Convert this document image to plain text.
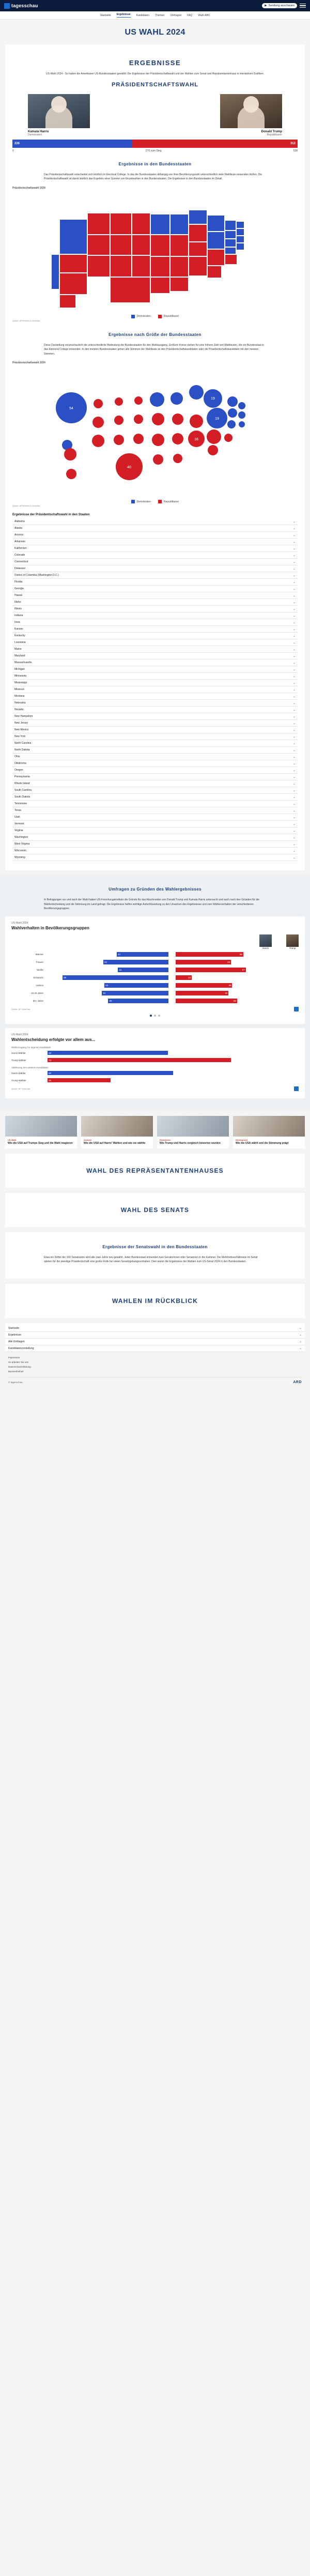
tagesschau	▶ Sendung anschauen
Startseite Ergebnisse Kandidaten Themen Umfragen FAQ Wahl-ABC
US WAHL 2024
ERGEBNISSE

US-Wahl 2024 - So haben die Amerikaner US-Bundesstaaten gewählt: Die Ergebnisse der Präsidentschaftswahl und der Wahlen zum Senat und Repräsentantenhaus in interaktiven Grafiken.

PRÄSIDENTSCHAFTSWAHL
Kamala Harris
Demokraten
Donald Trump
Republikaner
226	312
0	270 zum Sieg	538
Ergebnisse in den Bundesstaaten

Das Präsidentschaftswahl entscheidet sich letztlich im Electoral College. In das die Bundesstaaten abhängig von ihrer Bevölkerungszahl unterschiedlich viele Wahlleute entsenden dürfen. Die Präsidentschaftswahl ist damit letztlich das Ergebnis einer Summe von Einzelwahlen in den Bundesstaaten. Die Ergebnisse in den Bundesstaaten im Detail.

Präsidentschaftswahl 2024
Demokraten	Republikaner
Quelle: AP/Wahlen in Amerika
Ergebnisse nach Größe der Bundesstaaten

Diese Darstellung veranschaulicht die unterschiedliche Bedeutung der Bundesstaaten für den Wahlausgang. Größere Kreise stehen für eine höhere Zahl von Wahlleuten, die ein Bundesstaat in das Electoral College entsendet. In den meisten Bundesstaaten gehen alle Stimmen der Wahlleute an den Präsidentschaftskandidaten oder die Präsidentschaftskandidatin mit den meisten Stimmen.

Präsidentschaftswahl 2024
54
40
19
16
19
Demokraten	Republikaner
Quelle: AP/Wahlen in Amerika
Ergebnisse der Präsidentschaftswahl in den Staaten
Alabama	⌄
Alaska	⌄
Arizona	⌄
Arkansas	⌄
Kalifornien	⌄
Colorado	⌄
Connecticut	⌄
Delaware	⌄
District of Columbia (Washington D.C.)	⌄
Florida	⌄
Georgia	⌄
Hawaii	⌄
Idaho	⌄
Illinois	⌄
Indiana	⌄
Iowa	⌄
Kansas	⌄
Kentucky	⌄
Louisiana	⌄
Maine	⌄
Maryland	⌄
Massachusetts	⌄
Michigan	⌄
Minnesota	⌄
Mississippi	⌄
Missouri	⌄
Montana	⌄
Nebraska	⌄
Nevada	⌄
New Hampshire	⌄
New Jersey	⌄
New Mexico	⌄
New York	⌄
North Carolina	⌄
North Dakota	⌄
Ohio	⌄
Oklahoma	⌄
Oregon	⌄
Pennsylvania	⌄
Rhode Island	⌄
South Carolina	⌄
South Dakota	⌄
Tennessee	⌄
Texas	⌄
Utah	⌄
Vermont	⌄
Virginia	⌄
Washington	⌄
West Virginia	⌄
Wisconsin	⌄
Wyoming	⌄
Umfragen zu Gründen des Wahlergebnisses

In Befragungen vor und nach der Wahl haben US-Forschungsinstitute die Gründe für das Abschneiden von Donald Trump und Kamala Harris untersucht und auch nach den Gründen für die Wahlentscheidung und die Stimmung im Land gefragt. Die Ergebnisse helfen wichtige Aufschlüsselung zu den Ursachen des Ergebnisses und zum Wählerverhalten der verschiedenen Bevölkerungsgruppen.

US-Wahl 2024
Wahlverhalten in Bevölkerungsgruppen
Harris	Trump
Männer	42	55
Frauen	53	45
Weiße	41	57
Schwarze	86	13
Latinos	52	46
18-29 Jahre	54	43
65+ Jahre	49	50
Quelle: AP VoteCast
US-Wahl 2024
Wahlentscheidung erfolgte vor allem aus...
Wählerzugang zur eigenen Kandidatin
Harris-Wähler	48
Trump-Wähler	73
Ablehnung des anderen Kandidaten
Harris-Wähler	50
Trump-Wähler	25
Quelle: AP VoteCast
US-Wahl
Wie die USA auf Trumps Sieg und die Wahl reagieren
Analyse
Wie die USA auf Harris' Wahlen und wie sie wählte
Reaktionen
Wie Trump und Harris vergleich bewerten wurden
Hintergrund
Wie die USA wählt und die Stimmung prägt
WAHL DES REPRÄSENTANTENHAUSES
WAHL DES SENATS
Ergebnisse der Senatswahl in den Bundesstaaten

Etwa ein Drittel der 100 Senatssitze wird alle zwei Jahre neu gewählt. Jeder Bundesstaat entsendet zwei Senatorinnen oder Senatoren in die Kammer. Die Mehrheitsverhältnisse im Senat spielen für die jeweilige Präsidentschaft eine große Rolle bei vielen Gesetzgebungsvorhaben. Dies waren die Ergebnisse der Wahlen zum US-Senat 2024 in den Bundesstaaten.

WAHLEN IM RÜCKBLICK
Startseite	⌄
Ergebnisse	⌄
Alle Umfragen	⌄
Kandidatenvorstellung	⌄
Impressum
So arbeiten Sie uns
Datenschutzerklärung
Barrierefreiheit
© tagesschau	ARD
